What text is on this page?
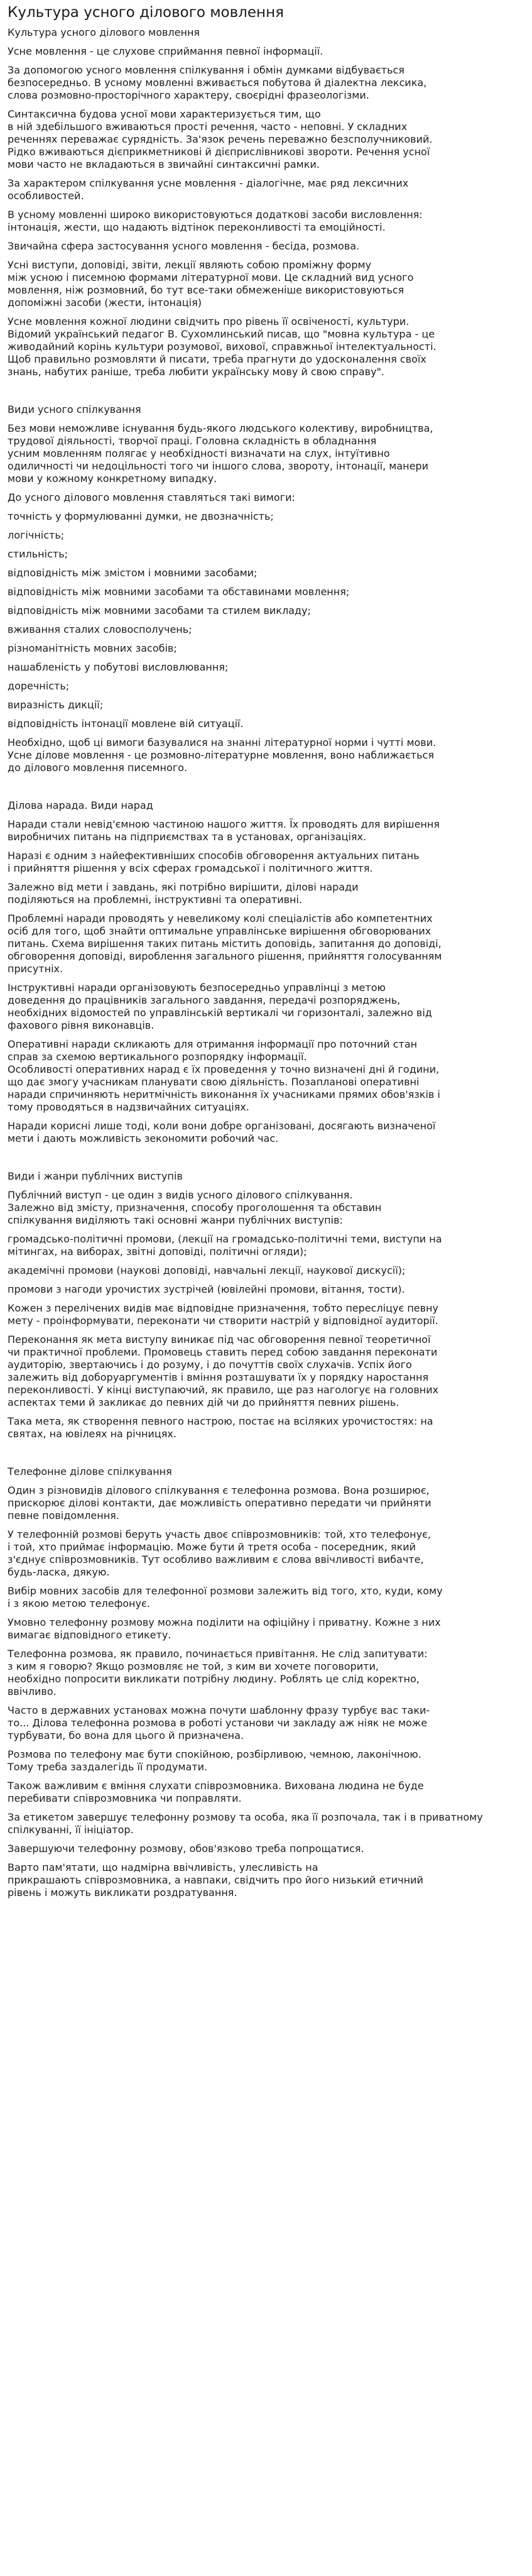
Культура усного ділового мовлення

Культура усного ділового мовлення

Усне мовлення - це слухове сприймання певної інформації.

За допомогою усного мовлення спілкування і обмін думками відбувається
безпосередньо. В усному мовленні вживається побутова й діалектна лексика,
слова розмовно-просторічного характеру, своєрідні фразеологізми.

Синтаксична будова усної мови характеризується тим, що
в ній здебільшого вживаються прості речення, часто - неповні. У складних
реченнях переважає сурядність. За'язок речень переважно безсполучниковий.
Рідко вживаються дієприкметникові й дієприслівникові звороти. Речення усної
мови часто не вкладаються в звичайні синтаксичні рамки.

За характером спілкування усне мовлення - діалогічне, має ряд лексичних
особливостей.

В усному мовленні широко використовуються додаткові засоби висловлення:
інтонація, жести, що надають відтінок переконливості та емоційності.

Звичайна сфера застосування усного мовлення - бесіда, розмова.

Усні виступи, доповіді, звіти, лекції являють собою проміжну форму
між усною і писемною формами літературної мови. Це складний вид усного
мовлення, ніж розмовний, бо тут все-таки обмеженіше використовуються
допоміжні засоби (жести, інтонація)

Усне мовлення кожної людини свідчить про рівень її освіченості, культури.
Відомий український педагог В. Сухомлинський писав, що "мовна культура - це
живодайний корінь культури розумової, вихової, справжньої інтелектуальності.
Щоб правильно розмовляти й писати, треба прагнути до удосконалення своїх
знань, набутих раніше, треба любити українську мову й свою справу".

Види усного спілкування

Без мови неможливе існування будь-якого людського колективу, виробництва,
трудової діяльності, творчої праці. Головна складність в обладнання
усним мовленням полягає у необхідності визначати на слух, інтуїтивно
одиличності чи недоцільності того чи іншого слова, звороту, інтонації, манери
мови у кожному конкретному випадку.

До усного ділового мовлення ставляться такі вимоги:

точність у формулюванні думки, не двозначність;

логічність;

стильність;

відповідність між змістом і мовними засобами;

відповідність між мовними засобами та обставинами мовлення;

відповідність між мовними засобами та стилем викладу;

вживання сталих словосполучень;

різноманітність мовних засобів;

нашабленість у побутові висловлювання;

доречність;

виразність дикції;

відповідність інтонації мовлене вій ситуації.

Необхідно, щоб ці вимоги базувалися на знанні літературної норми і чутті мови.
Усне ділове мовлення - це розмовно-літературне мовлення, воно наближається
до ділового мовлення писемного.

Ділова нарада. Види нарад

Наради стали невід'ємною частиною нашого життя. Їх проводять для вирішення
виробничих питань на підприємствах та в установах, організаціях.

Наразі є одним з найефективніших способів обговорення актуальних питань
і прийняття рішення у всіх сферах громадської і політичного життя.

Залежно від мети і завдань, які потрібно вирішити, ділові наради
поділяються на проблемні, інструктивні та оперативні.

Проблемні наради проводять у невеликому колі спеціалістів або компетентних
осіб для того, щоб знайти оптимальне управлінське вирішення обговорюваних
питань. Схема вирішення таких питань містить доповідь, запитання до доповіді,
обговорення доповіді, вироблення загального рішення, прийняття голосуванням
присутніх.

Інструктивні наради організовують безпосередньо управлінці з метою
доведення до працівників загального завдання, передачі розпоряджень,
необхідних відомостей по управлінській вертикалі чи горизонталі, залежно від
фахового рівня виконавців.

Оперативні наради скликають для отримання інформації про поточний стан
справ за схемою вертикального розпорядку інформації.
Особливості оперативних нарад є їх проведення у точно визначені дні й години,
що дає змогу учасникам планувати свою діяльність. Позапланові оперативні
наради спричиняють неритмічність виконання їх учасниками прямих обов'язків і
тому проводяться в надзвичайних ситуаціях.

Наради корисні лише тоді, коли вони добре організовані, досягають визначеної
мети і дають можливість зекономити робочий час.

Види і жанри публічних виступів

Публічний виступ - це один з видів усного ділового спілкування.
Залежно від змісту, призначення, способу проголошення та обставин
спілкування виділяють такі основні жанри публічних виступів:

громадсько-політичні промови, (лекції на громадсько-політичні теми, виступи на
мітингах, на виборах, звітні доповіді, політичні огляди);

академічні промови (наукові доповіді, навчальні лекції, наукової дискусії);

промови з нагоди урочистих зустрічей (ювілейні промови, вітання, тости).

Кожен з перелічених видів має відповідне призначення, тобто пересліцує певну
мету - проінформувати, переконати чи створити настрій у відповідної аудиторії.

Переконання як мета виступу виникає під час обговорення певної теоретичної
чи практичної проблеми. Промовець ставить перед собою завдання переконати
аудиторію, звертаючись і до розуму, і до почуттів своїх слухачів. Успіх його
залежить від доборуаргументів і вміння розташувати їх у порядку наростання
переконливості. У кінці виступаючий, як правило, ще раз нагологує на головних
аспектах теми й закликає до певних дій чи до прийняття певних рішень.

Така мета, як створення певного настрою, постає на всіляких урочистостях: на
святах, на ювілеях на річницях.

Телефонне ділове спілкування

Один з різновидів ділового спілкування є телефонна розмова. Вона розширює,
прискорює ділові контакти, дає можливість оперативно передати чи прийняти
певне повідомлення.

У телефонній розмові беруть участь двоє співрозмовників: той, хто телефонує,
і той, хто приймає інформацію. Може бути й третя особа - посередник, який
з'єднує співрозмовників. Тут особливо важливим є слова ввічливості вибачте,
будь-ласка, дякую.

Вибір мовних засобів для телефонної розмови залежить від того, хто, куди, кому
і з якою метою телефонує.

Умовно телефонну розмову можна поділити на офіційну і приватну. Кожне з них
вимагає відповідного етикету.

Телефонна розмова, як правило, починається привітання. Не слід запитувати:
з ким я говорю? Якщо розмовляє не той, з ким ви хочете поговорити,
необхідно попросити викликати потрібну людину. Роблять це слід коректно,
ввічливо.

Часто в державних установах можна почути шаблонну фразу турбує вас таки-
то... Ділова телефонна розмова в роботі установи чи закладу аж ніяк не може
турбувати, бо вона для цього й призначена.

Розмова по телефону має бути спокійною, розбірливою, чемною, лаконічною.
Тому треба заздалегідь її продумати.

Також важливим є вміння слухати співрозмовника. Вихована людина не буде
перебивати співрозмовника чи поправляти.

За етикетом завершує телефонну розмову та особа, яка її розпочала, так і в приватному
спілкуванні, її ініціатор.

Завершуючи телефонну розмову, обов'язково треба попрощатися.

Варто пам'ятати, що надмірна ввічливість, улесливість на
прикрашають співрозмовника, а навпаки, свідчить про його низький етичний
рівень і можуть викликати роздратування.
